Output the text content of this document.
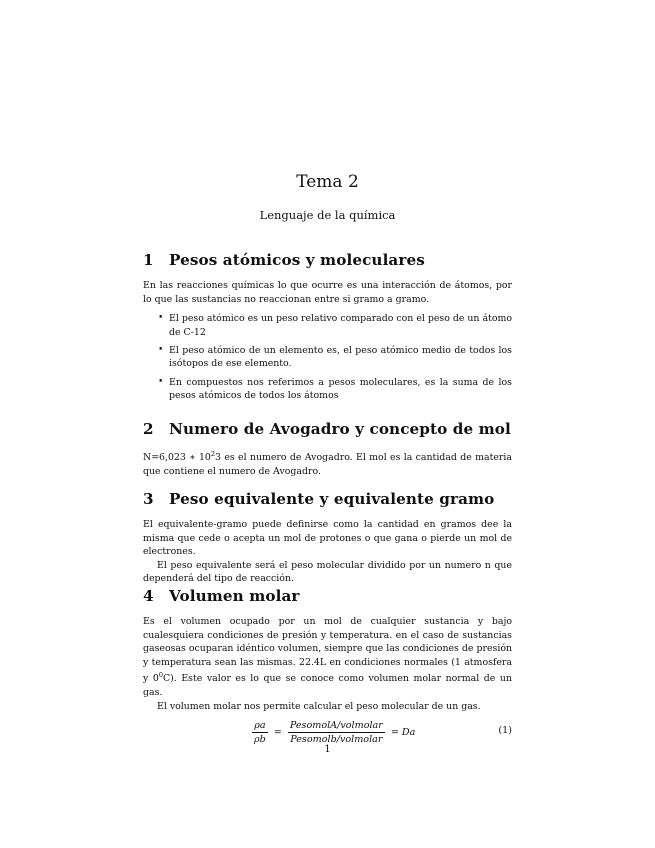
Tema 2
Lenguaje de la química
1 Pesos atómicos y moleculares

En las reacciones químicas lo que ocurre es una interacción de átomos, por lo que las sustancias no reaccionan entre si gramo a gramo.

• El peso atómico es un peso relativo comparado con el peso de un átomo de C-12
• El peso atómico de un elemento es, el peso atómico medio de todos los isótopos de ese elemento.
• En compuestos nos referimos a pesos moleculares, es la suma de los pesos atómicos de todos los átomos
2 Numero de Avogadro y concepto de mol

N=6,023 ∗ $10^23$ es el numero de Avogadro. El mol es la cantidad de materia que contiene el numero de Avogadro.

3 Peso equivalente y equivalente gramo

El equivalente-gramo puede definirse como la cantidad en gramos dee la misma que cede o acepta un mol de protones o que gana o pierde un mol de electrones.

El peso equivalente será el peso molecular dividido por un numero n que dependerá del tipo de reacción.

4 Volumen molar

Es el volumen ocupado por un mol de cualquier sustancia y bajo cualesquiera condiciones de presión y temperatura. en el caso de sustancias gaseosas ocuparan idéntico volumen, siempre que las condiciones de presión y temperatura sean las mismas. 22.4L en condiciones normales (1 atmosfera y $0^0C$). Este valor es lo que se conoce como volumen molar normal de un gas.

El volumen molar nos permite calcular el peso molecular de un gas.

$\frac{\rho a}{\rho b} = \frac{\text{PesomolA/volmolar}}{\text{Pesomolb/volmolar}} = Da$	(1)
1
